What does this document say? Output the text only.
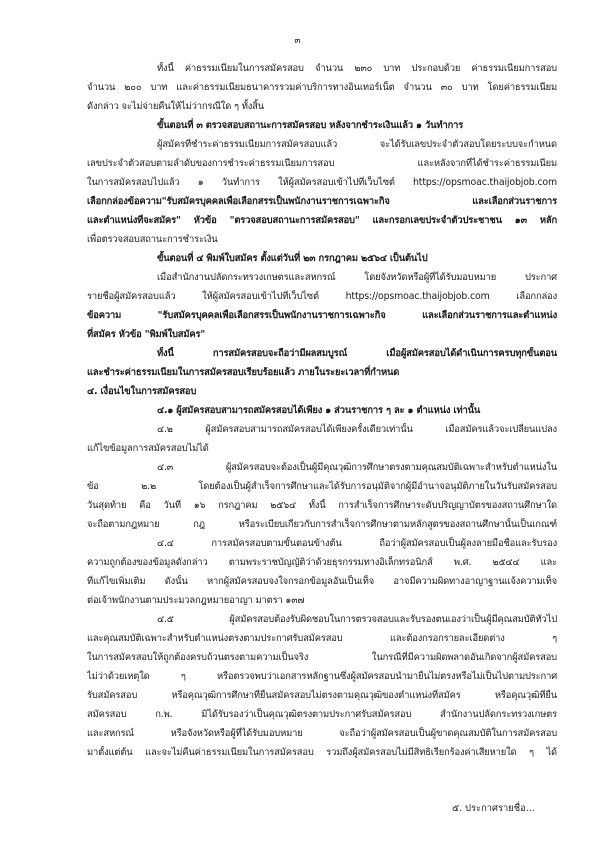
๓
ทั้งนี้ ค่าธรรมเนียมในการสมัครสอบ จำนวน ๒๓๐ บาท ประกอบด้วย ค่าธรรมเนียมการสอบ
จำนวน ๒๐๐ บาท และค่าธรรมเนียมธนาคารรวมค่าบริการทางอินเทอร์เน็ต จำนวน ๓๐ บาท โดยค่าธรรมเนียม
ดังกล่าว จะไม่จ่ายคืนให้ไม่ว่ากรณีใด ๆ ทั้งสิ้น
ขั้นตอนที่ ๓ ตรวจสอบสถานะการสมัครสอบ หลังจากชำระเงินแล้ว ๑ วันทำการ
ผู้สมัครที่ชำระค่าธรรมเนียมการสมัครสอบแล้ว จะได้รับเลขประจำตัวสอบโดยระบบจะกำหนด
เลขประจำตัวสอบตามลำดับของการชำระค่าธรรมเนียมการสอบ และหลังจากที่ได้ชำระค่าธรรมเนียม
ในการสมัครสอบไปแล้ว ๑ วันทำการ ให้ผู้สมัครสอบเข้าไปที่เว็บไซต์ https://opsmoac.thaijobjob.com
เลือกกล่องข้อความ"รับสมัครบุคคลเพื่อเลือกสรรเป็นพนักงานราชการเฉพาะกิจ และเลือกส่วนราชการ
และตำแหน่งที่จะสมัคร" หัวข้อ "ตรวจสอบสถานะการสมัครสอบ" และกรอกเลขประจำตัวประชาชน ๑๓ หลัก
เพื่อตรวจสอบสถานะการชำระเงิน
ขั้นตอนที่ ๔ พิมพ์ใบสมัคร ตั้งแต่วันที่ ๒๓ กรกฎาคม ๒๕๖๔ เป็นต้นไป
เมื่อสำนักงานปลัดกระทรวงเกษตรและสหกรณ์ โดยจังหวัดหรือผู้ที่ได้รับมอบหมาย ประกาศ
รายชื่อผู้สมัครสอบแล้ว ให้ผู้สมัครสอบเข้าไปที่เว็บไซต์ https://opsmoac.thaijobjob.com เลือกกล่อง
ข้อความ "รับสมัครบุคคลเพื่อเลือกสรรเป็นพนักงานราชการเฉพาะกิจ และเลือกส่วนราชการและตำแหน่ง
ที่สมัคร หัวข้อ "พิมพ์ใบสมัคร"
ทั้งนี้ การสมัครสอบจะถือว่ามีผลสมบูรณ์ เมื่อผู้สมัครสอบได้ดำเนินการครบทุกขั้นตอน
และชำระค่าธรรมเนียมในการสมัครสอบเรียบร้อยแล้ว ภายในระยะเวลาที่กำหนด
๔. เงื่อนไขในการสมัครสอบ
๔.๑ ผู้สมัครสอบสามารถสมัครสอบได้เพียง ๑ ส่วนราชการ ๆ ละ ๑ ตำแหน่ง เท่านั้น
๔.๒ ผู้สมัครสอบสามารถสมัครสอบได้เพียงครั้งเดียวเท่านั้น เมื่อสมัครแล้วจะเปลี่ยนแปลง
แก้ไขข้อมูลการสมัครสอบไม่ได้
๔.๓ ผู้สมัครสอบจะต้องเป็นผู้มีคุณวุฒิการศึกษาตรงตามคุณสมบัติเฉพาะสำหรับตำแหน่งใน
ข้อ ๒.๒ โดยต้องเป็นผู้สำเร็จการศึกษาและได้รับการอนุมัติจากผู้มีอำนาจอนุมัติภายในวันรับสมัครสอบ
วันสุดท้าย คือ วันที่ ๑๖ กรกฎาคม ๒๕๖๔ ทั้งนี้ การสำเร็จการศึกษาระดับปริญญาบัตรของสถานศึกษาใด
จะถือตามกฎหมาย กฎ หรือระเบียบเกี่ยวกับการสำเร็จการศึกษาตามหลักสูตรของสถานศึกษานั้นเป็นเกณฑ์
๔.๔ การสมัครสอบตามขั้นตอนข้างต้น ถือว่าผู้สมัครสอบเป็นผู้ลงลายมือชื่อและรับรอง
ความถูกต้องของข้อมูลดังกล่าว ตามพระราชบัญญัติว่าด้วยธุรกรรมทางอิเล็กทรอนิกส์ พ.ศ. ๒๕๔๔ และ
ที่แก้ไขเพิ่มเติม ดังนั้น หากผู้สมัครสอบจงใจกรอกข้อมูลอันเป็นเท็จ อาจมีความผิดทางอาญาฐานแจ้งความเท็จ
ต่อเจ้าพนักงานตามประมวลกฎหมายอาญา มาตรา ๑๓๗
๔.๕ ผู้สมัครสอบต้องรับผิดชอบในการตรวจสอบและรับรองตนเองว่าเป็นผู้มีคุณสมบัติทั่วไป
และคุณสมบัติเฉพาะสำหรับตำแหน่งตรงตามประกาศรับสมัครสอบ และต้องกรอกรายละเอียดต่าง ๆ
ในการสมัครสอบให้ถูกต้องครบถ้วนตรงตามความเป็นจริง ในกรณีที่มีความผิดพลาดอันเกิดจากผู้สมัครสอบ
ไม่ว่าด้วยเหตุใด ๆ หรือตรวจพบว่าเอกสารหลักฐานซึ่งผู้สมัครสอบนำมายื่นไม่ตรงหรือไม่เป็นไปตามประกาศ
รับสมัครสอบ หรือคุณวุฒิการศึกษาที่ยื่นสมัครสอบไม่ตรงตามคุณวุฒิของตำแหน่งที่สมัคร หรือคุณวุฒิที่ยื่น
สมัครสอบ ก.พ. มิได้รับรองว่าเป็นคุณวุฒิตรงตามประกาศรับสมัครสอบ สำนักงานปลัดกระทรวงเกษตร
และสหกรณ์ หรือจังหวัดหรือผู้ที่ได้รับมอบหมาย จะถือว่าผู้สมัครสอบเป็นผู้ขาดคุณสมบัติในการสมัครสอบ
มาตั้งแต่ต้น และจะไม่คืนค่าธรรมเนียมในการสมัครสอบ รวมถึงผู้สมัครสอบไม่มีสิทธิเรียกร้องค่าเสียหายใด ๆ ได้
๕. ประกาศรายชื่อ...
